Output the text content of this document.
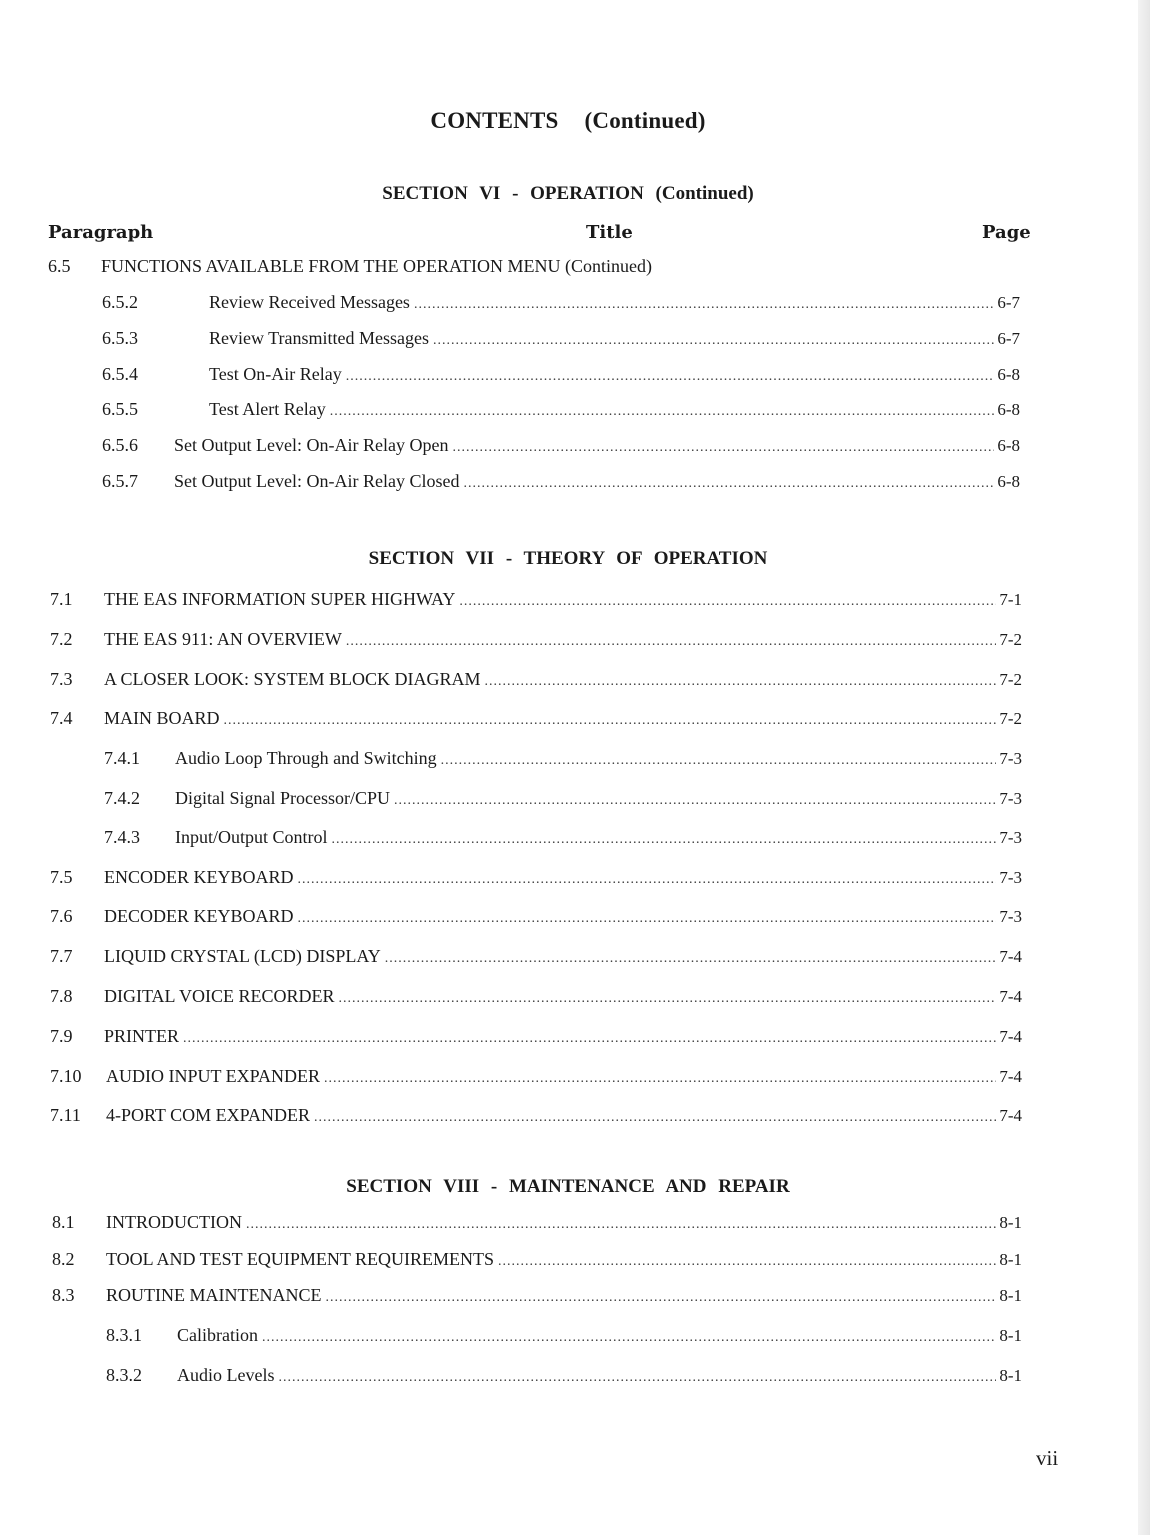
CONTENTS (Continued)
SECTION VI - OPERATION (Continued)
Paragraph	Title	Page
6.5	FUNCTIONS AVAILABLE FROM THE OPERATION MENU (Continued)
6.5.2	Review Received Messages .....	6-7
6.5.3	Review Transmitted Messages .....	6-7
6.5.4	Test On-Air Relay .....	6-8
6.5.5	Test Alert Relay .....	6-8
6.5.6	Set Output Level: On-Air Relay Open .....	6-8
6.5.7	Set Output Level: On-Air Relay Closed .....	6-8
SECTION VII - THEORY OF OPERATION
7.1	THE EAS INFORMATION SUPER HIGHWAY .....	7-1
7.2	THE EAS 911: AN OVERVIEW .....	7-2
7.3	A CLOSER LOOK: SYSTEM BLOCK DIAGRAM .....	7-2
7.4	MAIN BOARD .....	7-2
7.4.1	Audio Loop Through and Switching .....	7-3
7.4.2	Digital Signal Processor/CPU .....	7-3
7.4.3	Input/Output Control .....	7-3
7.5	ENCODER KEYBOARD .....	7-3
7.6	DECODER KEYBOARD .....	7-3
7.7	LIQUID CRYSTAL (LCD) DISPLAY .....	7-4
7.8	DIGITAL VOICE RECORDER .....	7-4
7.9	PRINTER .....	7-4
7.10	AUDIO INPUT EXPANDER .....	7-4
7.11	4-PORT COM EXPANDER .....	7-4
SECTION VIII - MAINTENANCE AND REPAIR
8.1	INTRODUCTION .....	8-1
8.2	TOOL AND TEST EQUIPMENT REQUIREMENTS .....	8-1
8.3	ROUTINE MAINTENANCE .....	8-1
8.3.1	Calibration .....	8-1
8.3.2	Audio Levels .....	8-1
vii
